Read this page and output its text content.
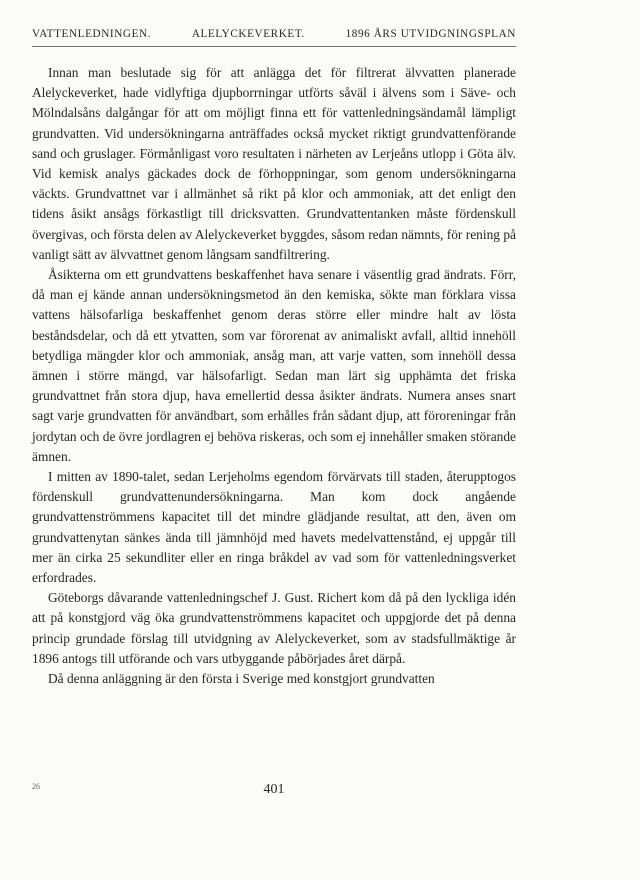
VATTENLEDNINGEN.	ALELYCKEVERKET.	1896 ÅRS UTVIDGNINGSPLAN

Innan man beslutade sig för att anlägga det för filtrerat älvvatten planerade Alelyckeverket, hade vidlyftiga djupborrningar utförts såväl i älvens som i Säve- och Mölndalsåns dalgångar för att om möjligt finna ett för vattenledningsändamål lämpligt grundvatten. Vid undersökningarna anträffades också mycket riktigt grundvattenförande sand och gruslager. Förmånligast voro resultaten i närheten av Lerjeåns utlopp i Göta älv. Vid kemisk analys gäckades dock de förhoppningar, som genom undersökningarna väckts. Grundvattnet var i allmänhet så rikt på klor och ammoniak, att det enligt den tidens åsikt ansågs förkastligt till dricksvatten. Grundvattentanken måste fördenskull övergivas, och första delen av Alelyckeverket byggdes, såsom redan nämnts, för rening på vanligt sätt av älvvattnet genom långsam sandfiltrering.

Åsikterna om ett grundvattens beskaffenhet hava senare i väsentlig grad ändrats. Förr, då man ej kände annan undersökningsmetod än den kemiska, sökte man förklara vissa vattens hälsofarliga beskaffenhet genom deras större eller mindre halt av lösta beståndsdelar, och då ett ytvatten, som var förorenat av animaliskt avfall, alltid innehöll betydliga mängder klor och ammoniak, ansåg man, att varje vatten, som innehöll dessa ämnen i större mängd, var hälsofarligt. Sedan man lärt sig upphämta det friska grundvattnet från stora djup, hava emellertid dessa åsikter ändrats. Numera anses snart sagt varje grundvatten för användbart, som erhålles från sådant djup, att föroreningar från jordytan och de övre jordlagren ej behöva riskeras, och som ej innehåller smaken störande ämnen.

I mitten av 1890-talet, sedan Lerjeholms egendom förvärvats till staden, återupptogos fördenskull grundvattenundersökningarna. Man kom dock angående grundvattenströmmens kapacitet till det mindre glädjande resultat, att den, även om grundvattenytan sänkes ända till jämnhöjd med havets medelvattenstånd, ej uppgår till mer än cirka 25 sekundliter eller en ringa bråkdel av vad som för vattenledningsverket erfordrades.

Göteborgs dåvarande vattenledningschef J. Gust. Richert kom då på den lyckliga idén att på konstgjord väg öka grundvattenströmmens kapacitet och uppgjorde det på denna princip grundade förslag till utvidgning av Alelyckeverket, som av stadsfullmäktige år 1896 antogs till utförande och vars utbyggande påbörjades året därpå.

Då denna anläggning är den första i Sverige med konstgjort grundvatten

26	401
